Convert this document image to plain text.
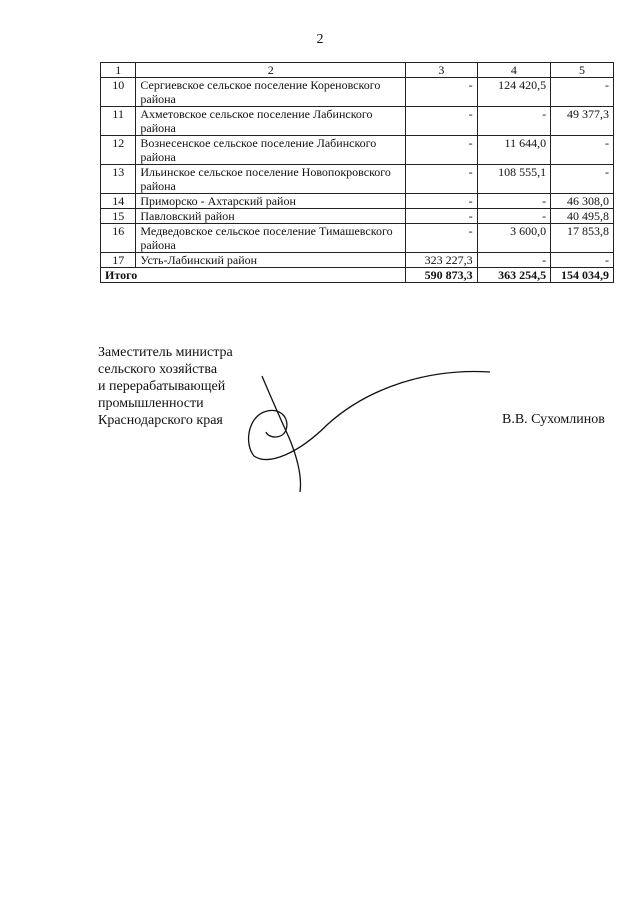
2
1	2	3	4	5
10	Сергиевское сельское поселение Кореновского района	-	124 420,5	-
11	Ахметовское сельское поселение Лабинского района	-	-	49 377,3
12	Вознесенское сельское поселение Лабинского района	-	11 644,0	-
13	Ильинское сельское поселение Новопокровского района	-	108 555,1	-
14	Приморско - Ахтарский район	-	-	46 308,0
15	Павловский район	-	-	40 495,8
16	Медведовское сельское поселение Тимашевского района	-	3 600,0	17 853,8
17	Усть-Лабинский район	323 227,3	-	-
Итого		590 873,3	363 254,5	154 034,9
Заместитель министра
сельского хозяйства
и перерабатывающей
промышленности
Краснодарского края	В.В. Сухомлинов
